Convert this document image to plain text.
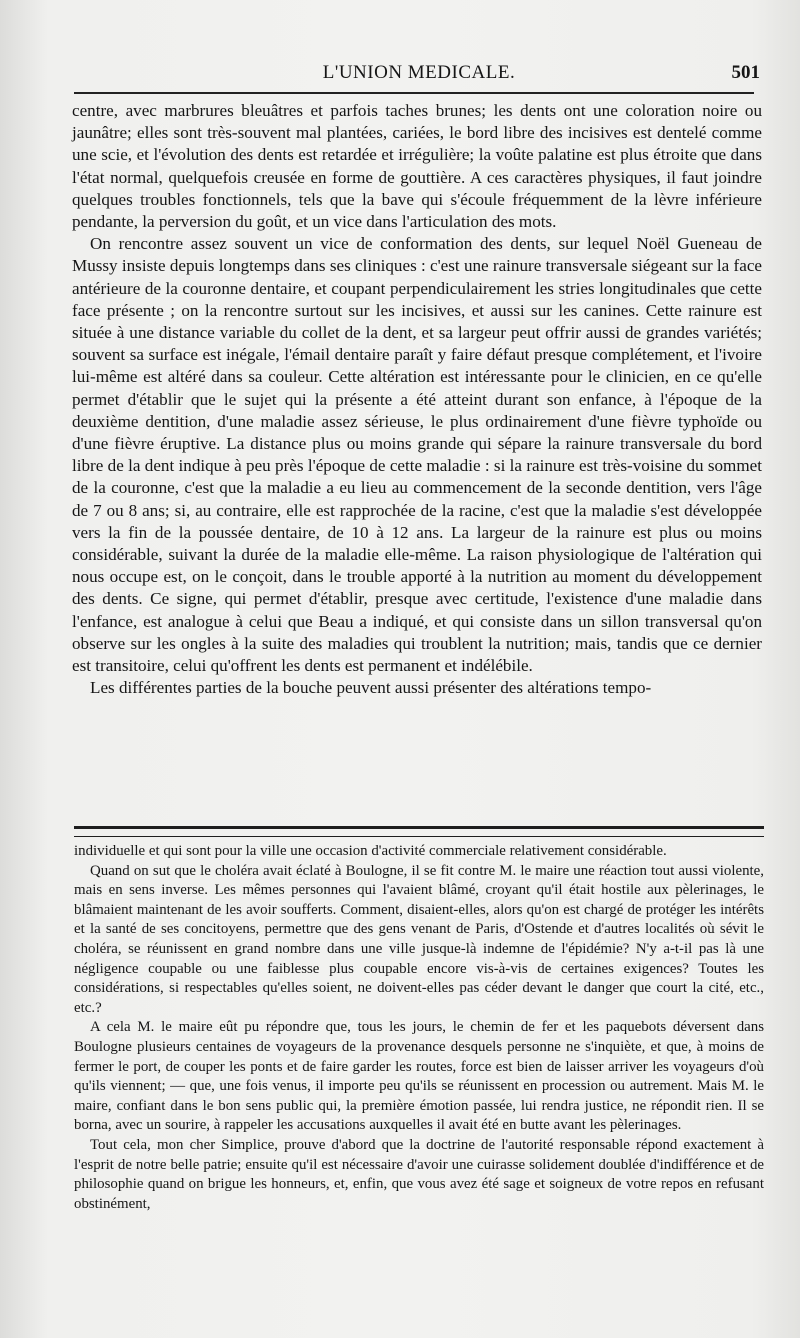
L'UNION MEDICALE.	501

centre, avec marbrures bleuâtres et parfois taches brunes; les dents ont une coloration noire ou jaunâtre; elles sont très-souvent mal plantées, cariées, le bord libre des incisives est dentelé comme une scie, et l'évolution des dents est retardée et irrégulière; la voûte palatine est plus étroite que dans l'état normal, quelquefois creusée en forme de gouttière. A ces caractères physiques, il faut joindre quelques troubles fonctionnels, tels que la bave qui s'écoule fréquemment de la lèvre inférieure pendante, la perversion du goût, et un vice dans l'articulation des mots.

On rencontre assez souvent un vice de conformation des dents, sur lequel Noël Gueneau de Mussy insiste depuis longtemps dans ses cliniques : c'est une rainure transversale siégeant sur la face antérieure de la couronne dentaire, et coupant perpendiculairement les stries longitudinales que cette face présente ; on la rencontre surtout sur les incisives, et aussi sur les canines. Cette rainure est située à une distance variable du collet de la dent, et sa largeur peut offrir aussi de grandes variétés; souvent sa surface est inégale, l'émail dentaire paraît y faire défaut presque complétement, et l'ivoire lui-même est altéré dans sa couleur. Cette altération est intéressante pour le clinicien, en ce qu'elle permet d'établir que le sujet qui la présente a été atteint durant son enfance, à l'époque de la deuxième dentition, d'une maladie assez sérieuse, le plus ordinairement d'une fièvre typhoïde ou d'une fièvre éruptive. La distance plus ou moins grande qui sépare la rainure transversale du bord libre de la dent indique à peu près l'époque de cette maladie : si la rainure est très-voisine du sommet de la couronne, c'est que la maladie a eu lieu au commencement de la seconde dentition, vers l'âge de 7 ou 8 ans; si, au contraire, elle est rapprochée de la racine, c'est que la maladie s'est développée vers la fin de la poussée dentaire, de 10 à 12 ans. La largeur de la rainure est plus ou moins considérable, suivant la durée de la maladie elle-même. La raison physiologique de l'altération qui nous occupe est, on le conçoit, dans le trouble apporté à la nutrition au moment du développement des dents. Ce signe, qui permet d'établir, presque avec certitude, l'existence d'une maladie dans l'enfance, est analogue à celui que Beau a indiqué, et qui consiste dans un sillon transversal qu'on observe sur les ongles à la suite des maladies qui troublent la nutrition; mais, tandis que ce dernier est transitoire, celui qu'offrent les dents est permanent et indélébile.

Les différentes parties de la bouche peuvent aussi présenter des altérations tempo-

individuelle et qui sont pour la ville une occasion d'activité commerciale relativement considérable.

Quand on sut que le choléra avait éclaté à Boulogne, il se fit contre M. le maire une réaction tout aussi violente, mais en sens inverse. Les mêmes personnes qui l'avaient blâmé, croyant qu'il était hostile aux pèlerinages, le blâmaient maintenant de les avoir soufferts. Comment, disaient-elles, alors qu'on est chargé de protéger les intérêts et la santé de ses concitoyens, permettre que des gens venant de Paris, d'Ostende et d'autres localités où sévit le choléra, se réunissent en grand nombre dans une ville jusque-là indemne de l'épidémie? N'y a-t-il pas là une négligence coupable ou une faiblesse plus coupable encore vis-à-vis de certaines exigences? Toutes les considérations, si respectables qu'elles soient, ne doivent-elles pas céder devant le danger que court la cité, etc., etc.?

A cela M. le maire eût pu répondre que, tous les jours, le chemin de fer et les paquebots déversent dans Boulogne plusieurs centaines de voyageurs de la provenance desquels personne ne s'inquiète, et que, à moins de fermer le port, de couper les ponts et de faire garder les routes, force est bien de laisser arriver les voyageurs d'où qu'ils viennent; — que, une fois venus, il importe peu qu'ils se réunissent en procession ou autrement. Mais M. le maire, confiant dans le bon sens public qui, la première émotion passée, lui rendra justice, ne répondit rien. Il se borna, avec un sourire, à rappeler les accusations auxquelles il avait été en butte avant les pèlerinages.

Tout cela, mon cher Simplice, prouve d'abord que la doctrine de l'autorité responsable répond exactement à l'esprit de notre belle patrie; ensuite qu'il est nécessaire d'avoir une cuirasse solidement doublée d'indifférence et de philosophie quand on brigue les honneurs, et, enfin, que vous avez été sage et soigneux de votre repos en refusant obstinément,
